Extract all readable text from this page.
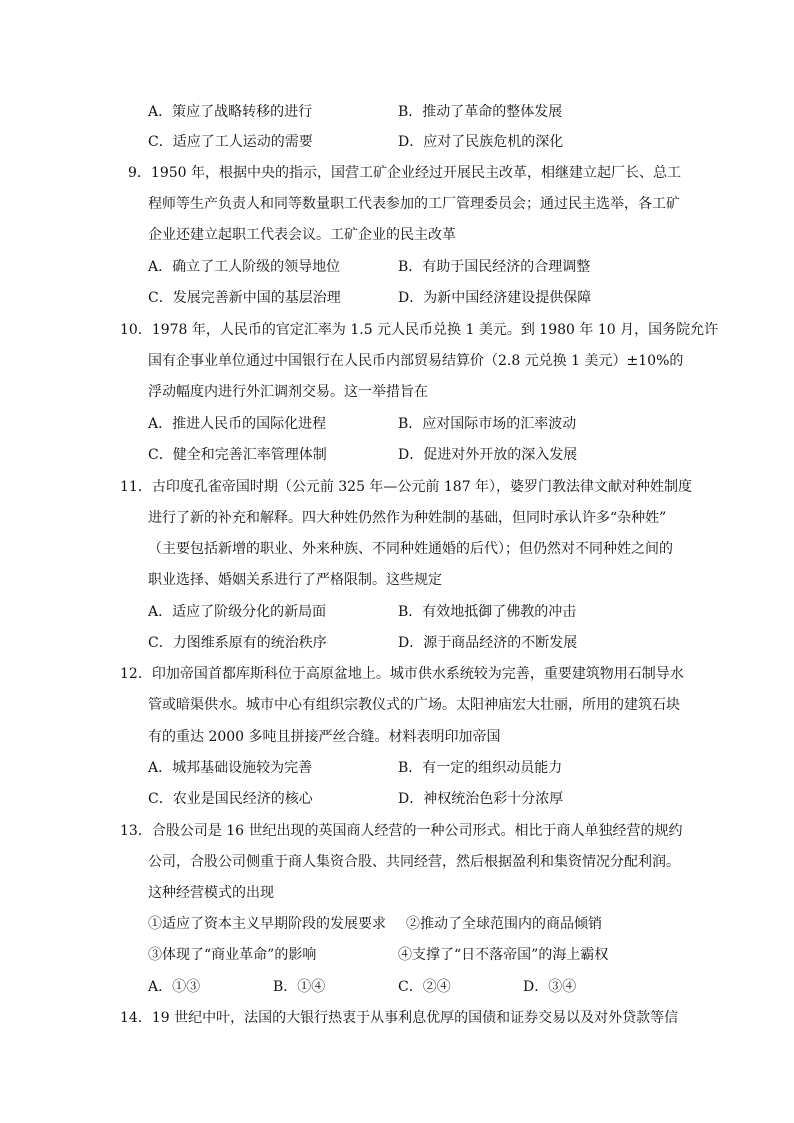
A．策应了战略转移的进行	B．推动了革命的整体发展
C．适应了工人运动的需要	D．应对了民族危机的深化
9．1950 年，根据中央的指示，国营工矿企业经过开展民主改革，相继建立起厂长、总工
程师等生产负责人和同等数量职工代表参加的工厂管理委员会；通过民主选举，各工矿
企业还建立起职工代表会议。工矿企业的民主改革
A．确立了工人阶级的领导地位	B．有助于国民经济的合理调整
C．发展完善新中国的基层治理	D．为新中国经济建设提供保障
10．1978 年，人民币的官定汇率为 1.5 元人民币兑换 1 美元。到 1980 年 10 月，国务院允许
国有企事业单位通过中国银行在人民币内部贸易结算价（2.8 元兑换 1 美元）±10%的
浮动幅度内进行外汇调剂交易。这一举措旨在
A．推进人民币的国际化进程	B．应对国际市场的汇率波动
C．健全和完善汇率管理体制	D．促进对外开放的深入发展
11．古印度孔雀帝国时期（公元前 325 年—公元前 187 年），婆罗门教法律文献对种姓制度
进行了新的补充和解释。四大种姓仍然作为种姓制的基础，但同时承认许多“杂种姓”
（主要包括新增的职业、外来种族、不同种姓通婚的后代）；但仍然对不同种姓之间的
职业选择、婚姻关系进行了严格限制。这些规定
A．适应了阶级分化的新局面	B．有效地抵御了佛教的冲击
C．力图维系原有的统治秩序	D．源于商品经济的不断发展
12．印加帝国首都库斯科位于高原盆地上。城市供水系统较为完善，重要建筑物用石制导水
管或暗渠供水。城市中心有组织宗教仪式的广场。太阳神庙宏大壮丽，所用的建筑石块
有的重达 2000 多吨且拼接严丝合缝。材料表明印加帝国
A．城邦基础设施较为完善	B．有一定的组织动员能力
C．农业是国民经济的核心	D．神权统治色彩十分浓厚
13．合股公司是 16 世纪出现的英国商人经营的一种公司形式。相比于商人单独经营的规约
公司，合股公司侧重于商人集资合股、共同经营，然后根据盈利和集资情况分配利润。
这种经营模式的出现
①适应了资本主义早期阶段的发展要求 ②推动了全球范围内的商品倾销
③体现了“商业革命”的影响	④支撑了“日不落帝国”的海上霸权
A．①③	B．①④	C．②④	D．③④
14．19 世纪中叶，法国的大银行热衷于从事利息优厚的国债和证券交易以及对外贷款等信
